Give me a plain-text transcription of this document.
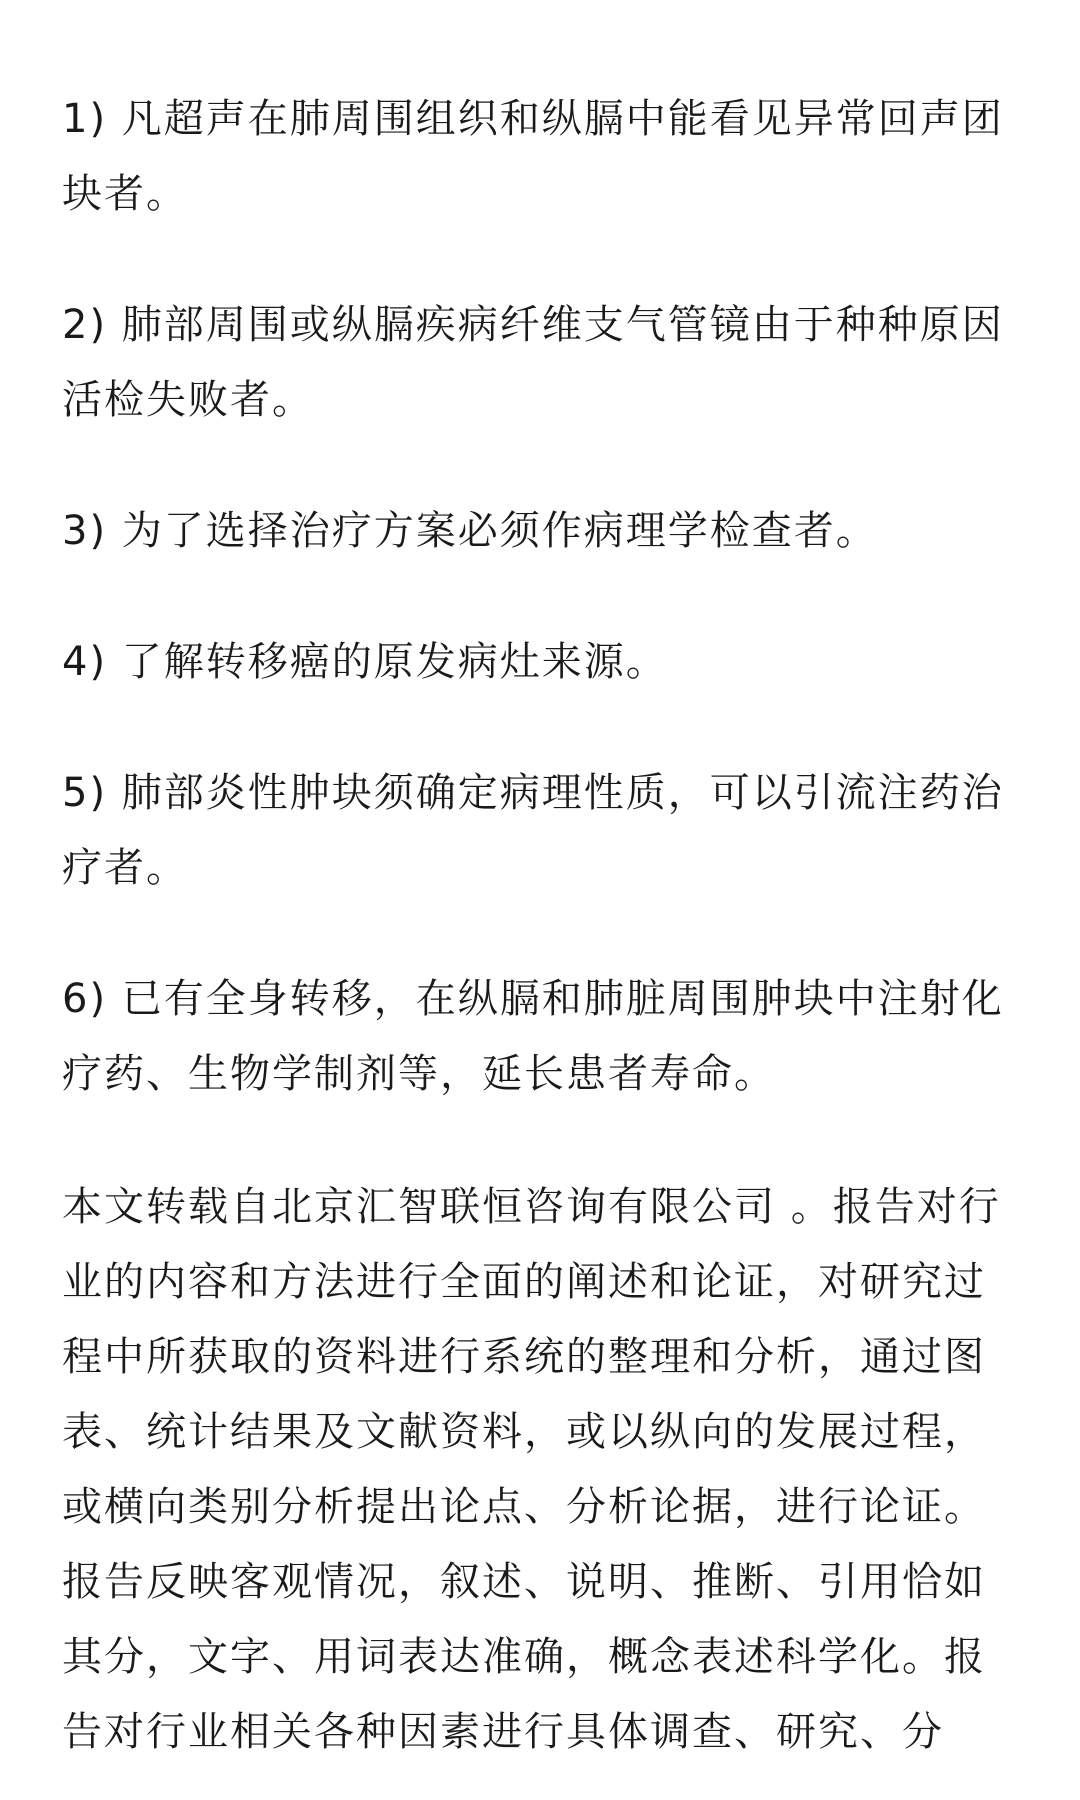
1) 凡超声在肺周围组织和纵膈中能看见异常回声团块者。

2) 肺部周围或纵膈疾病纤维支气管镜由于种种原因活检失败者。

3) 为了选择治疗方案必须作病理学检查者。

4) 了解转移癌的原发病灶来源。

5) 肺部炎性肿块须确定病理性质，可以引流注药治疗者。

6) 已有全身转移，在纵膈和肺脏周围肿块中注射化疗药、生物学制剂等，延长患者寿命。

本文转载自北京汇智联恒咨询有限公司 。报告对行业的内容和方法进行全面的阐述和论证，对研究过程中所获取的资料进行系统的整理和分析，通过图表、统计结果及文献资料，或以纵向的发展过程，或横向类别分析提出论点、分析论据，进行论证。报告反映客观情况，叙述、说明、推断、引用恰如其分，文字、用词表达准确，概念表述科学化。报告对行业相关各种因素进行具体调查、研究、分
